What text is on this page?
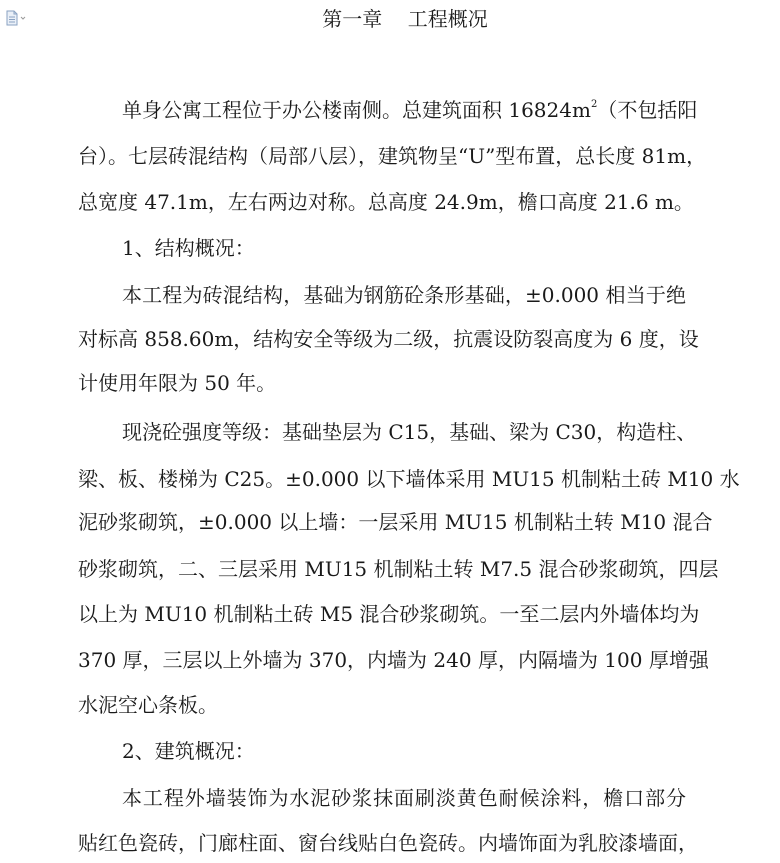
第一章    工程概况
单身公寓工程位于办公楼南侧。总建筑面积 $16824m^2$（不包括阳
台）。七层砖混结构（局部八层），建筑物呈“U”型布置，总长度 81m，
总宽度 47.1m，左右两边对称。总高度 24.9m，檐口高度 21.6 m。
1、结构概况：
本工程为砖混结构，基础为钢筋砼条形基础，±0.000 相当于绝
对标高 858.60m，结构安全等级为二级，抗震设防裂高度为 6 度，设
计使用年限为 50 年。
现浇砼强度等级：基础垫层为 C15，基础、梁为 C30，构造柱、
梁、板、楼梯为 C25。±0.000 以下墙体采用 MU15 机制粘土砖 M10 水
泥砂浆砌筑，±0.000 以上墙：一层采用 MU15 机制粘土转 M10 混合
砂浆砌筑，二、三层采用 MU15 机制粘土转 M7.5 混合砂浆砌筑，四层
以上为 MU10 机制粘土砖 M5 混合砂浆砌筑。一至二层内外墙体均为
370 厚，三层以上外墙为 370，内墙为 240 厚，内隔墙为 100 厚增强
水泥空心条板。
2、建筑概况：
本工程外墙装饰为水泥砂浆抹面刷淡黄色耐候涂料，檐口部分
贴红色瓷砖，门廊柱面、窗台线贴白色瓷砖。内墙饰面为乳胶漆墙面，
